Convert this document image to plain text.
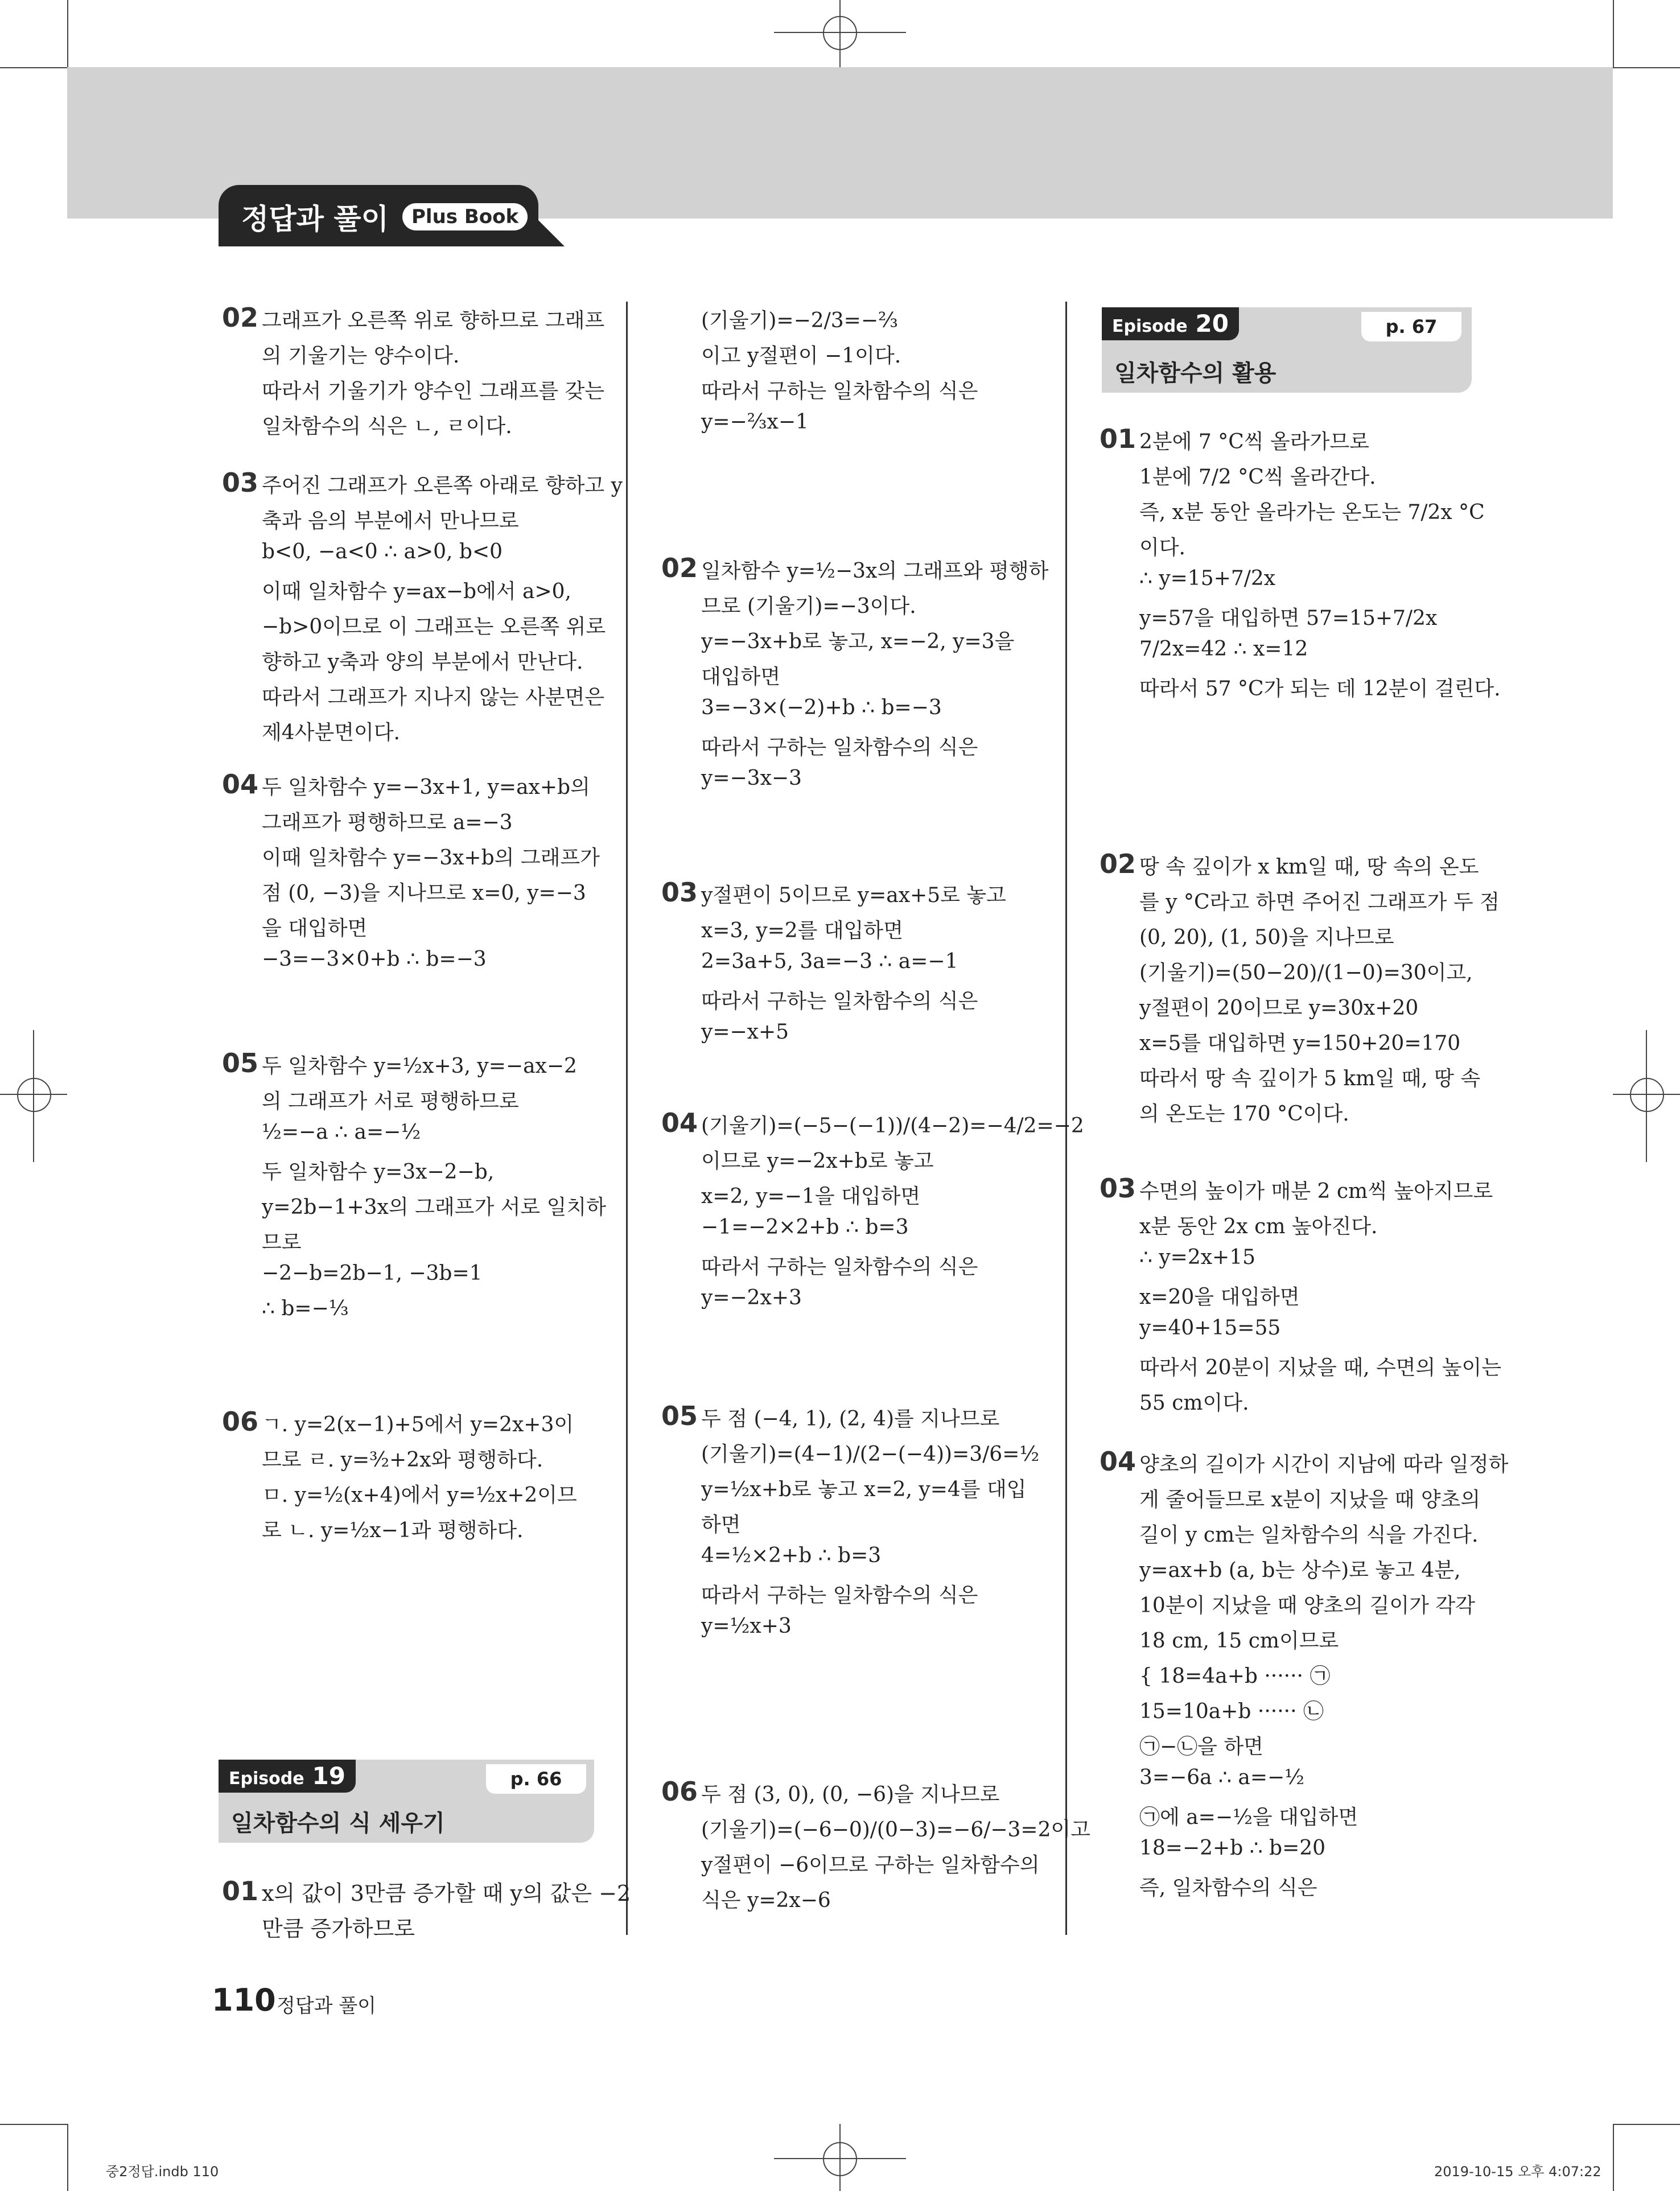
정답과 풀이	Plus Book
02 그래프가 오른쪽 위로 향하므로 그래프
의 기울기는 양수이다.
따라서 기울기가 양수인 그래프를 갖는
일차함수의 식은 ㄴ, ㄹ이다.
03 주어진 그래프가 오른쪽 아래로 향하고 y
축과 음의 부분에서 만나므로
b<0, −a<0 ∴ a>0, b<0
이때 일차함수 y=ax−b에서 a>0,
−b>0이므로 이 그래프는 오른쪽 위로
향하고 y축과 양의 부분에서 만난다.
따라서 그래프가 지나지 않는 사분면은
제4사분면이다.
04 두 일차함수 y=−3x+1, y=ax+b의
그래프가 평행하므로 a=−3
이때 일차함수 y=−3x+b의 그래프가
점 (0, −3)을 지나므로 x=0, y=−3
을 대입하면
−3=−3×0+b ∴ b=−3
05 두 일차함수 y=½x+3, y=−ax−2
의 그래프가 서로 평행하므로
½=−a ∴ a=−½
두 일차함수 y=3x−2−b,
y=2b−1+3x의 그래프가 서로 일치하
므로
−2−b=2b−1, −3b=1
∴ b=−⅓
06 ㄱ. y=2(x−1)+5에서 y=2x+3이
므로 ㄹ. y=³⁄₂+2x와 평행하다.
ㅁ. y=½(x+4)에서 y=½x+2이므
로 ㄴ. y=½x−1과 평행하다.
(기울기)=−2/3=−⅔
이고 y절편이 −1이다.
따라서 구하는 일차함수의 식은
y=−⅔x−1
02 일차함수 y=½−3x의 그래프와 평행하
므로 (기울기)=−3이다.
y=−3x+b로 놓고, x=−2, y=3을
대입하면
3=−3×(−2)+b ∴ b=−3
따라서 구하는 일차함수의 식은
y=−3x−3
03 y절편이 5이므로 y=ax+5로 놓고
x=3, y=2를 대입하면
2=3a+5, 3a=−3 ∴ a=−1
따라서 구하는 일차함수의 식은
y=−x+5
04 (기울기)=(−5−(−1))/(4−2)=−4/2=−2
이므로 y=−2x+b로 놓고
x=2, y=−1을 대입하면
−1=−2×2+b ∴ b=3
따라서 구하는 일차함수의 식은
y=−2x+3
05 두 점 (−4, 1), (2, 4)를 지나므로
(기울기)=(4−1)/(2−(−4))=3/6=½
y=½x+b로 놓고 x=2, y=4를 대입
하면
4=½×2+b ∴ b=3
따라서 구하는 일차함수의 식은
y=½x+3
06 두 점 (3, 0), (0, −6)을 지나므로
(기울기)=(−6−0)/(0−3)=−6/−3=2이고
y절편이 −6이므로 구하는 일차함수의
식은 y=2x−6
01 2분에 7 °C씩 올라가므로
1분에 7/2 °C씩 올라간다.
즉, x분 동안 올라가는 온도는 7/2x °C
이다.
∴ y=15+7/2x
y=57을 대입하면 57=15+7/2x
7/2x=42 ∴ x=12
따라서 57 °C가 되는 데 12분이 걸린다.
02 땅 속 깊이가 x km일 때, 땅 속의 온도
를 y °C라고 하면 주어진 그래프가 두 점
(0, 20), (1, 50)을 지나므로
(기울기)=(50−20)/(1−0)=30이고,
y절편이 20이므로 y=30x+20
x=5를 대입하면 y=150+20=170
따라서 땅 속 깊이가 5 km일 때, 땅 속
의 온도는 170 °C이다.
03 수면의 높이가 매분 2 cm씩 높아지므로
x분 동안 2x cm 높아진다.
∴ y=2x+15
x=20을 대입하면
y=40+15=55
따라서 20분이 지났을 때, 수면의 높이는
55 cm이다.
04 양초의 길이가 시간이 지남에 따라 일정하
게 줄어들므로 x분이 지났을 때 양초의
길이 y cm는 일차함수의 식을 가진다.
y=ax+b (a, b는 상수)로 놓고 4분,
10분이 지났을 때 양초의 길이가 각각
18 cm, 15 cm이므로
{ 18=4a+b ······ ㉠
15=10a+b ······ ㉡
㉠−㉡을 하면
3=−6a ∴ a=−½
㉠에 a=−½을 대입하면
18=−2+b ∴ b=20
즉, 일차함수의 식은
Episode 19	p. 66
일차함수의 식 세우기
01 x의 값이 3만큼 증가할 때 y의 값은 −2
만큼 증가하므로
Episode 20	p. 67
일차함수의 활용
110 정답과 풀이
중2정답.indb 110	2019-10-15 오후 4:07:22
